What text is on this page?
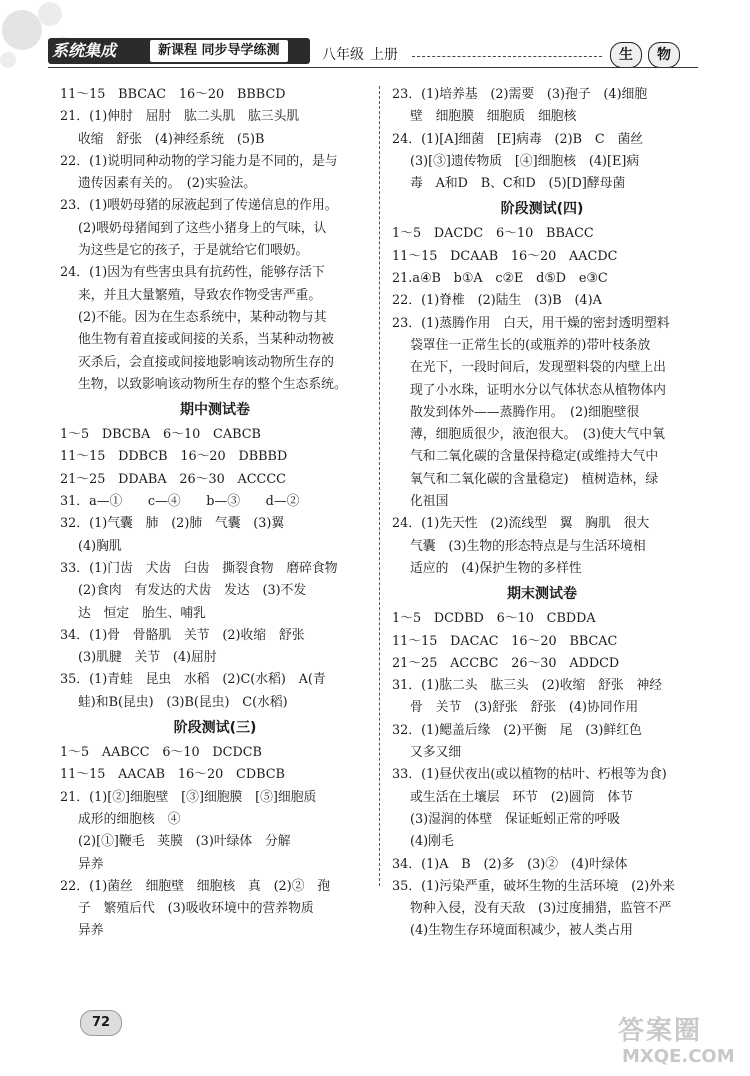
系统集成	新课程 同步导学练测	八年级 上册	生	物
11～15　BBCAC　16～20　BBBCD
21．(1)伸肘　屈肘　肱二头肌　肱三头肌
收缩　舒张　(4)神经系统　(5)B
22．(1)说明同种动物的学习能力是不同的，是与
遗传因素有关的。　(2)实验法。
23．(1)喂奶母猪的尿液起到了传递信息的作用。
(2)喂奶母猪闻到了这些小猪身上的气味，认
为这些是它的孩子，于是就给它们喂奶。
24．(1)因为有些害虫具有抗药性，能够存活下
来，并且大量繁殖，导致农作物受害严重。
(2)不能。因为在生态系统中，某种动物与其
他生物有着直接或间接的关系，当某种动物被
灭杀后，会直接或间接地影响该动物所生存的
生物，以致影响该动物所生存的整个生态系统。
期中测试卷
1～5　DBCBA　6～10　CABCB
11～15　DDBCB　16～20　DBBBD
21～25　DDABA　26～30　ACCCC
31．a—①　　c—④　　b—③　　d—②
32．(1)气囊　肺　(2)肺　气囊　(3)翼
(4)胸肌
33．(1)门齿　犬齿　臼齿　撕裂食物　磨碎食物
(2)食肉　有发达的犬齿　发达　(3)不发
达　恒定　胎生、哺乳
34．(1)骨　骨骼肌　关节　(2)收缩　舒张
(3)肌腱　关节　(4)屈肘
35．(1)青蛙　昆虫　水稻　(2)C(水稻)　A(青
蛙)和B(昆虫)　(3)B(昆虫)　C(水稻)
阶段测试(三)
1～5　AABCC　6～10　DCDCB
11～15　AACAB　16～20　CDBCB
21．(1)[②]细胞壁　[③]细胞膜　[⑤]细胞质
成形的细胞核　④
(2)[①]鞭毛　荚膜　(3)叶绿体　分解
异养
22．(1)菌丝　细胞壁　细胞核　真　(2)②　孢
子　繁殖后代　(3)吸收环境中的营养物质
异养
23．(1)培养基　(2)需要　(3)孢子　(4)细胞
壁　细胞膜　细胞质　细胞核
24．(1)[A]细菌　[E]病毒　(2)B　C　菌丝
(3)[③]遗传物质　[④]细胞核　(4)[E]病
毒　A和D　B、C和D　(5)[D]酵母菌
阶段测试(四)
1～5　DACDC　6～10　BBACC
11～15　DCAAB　16～20　AACDC
21.a④B　b①A　c②E　d⑤D　e③C
22．(1)脊椎　(2)陆生　(3)B　(4)A
23．(1)蒸腾作用　白天，用干燥的密封透明塑料
袋罩住一正常生长的(或瓶养的)带叶枝条放
在光下，一段时间后，发现塑料袋的内壁上出
现了小水珠，证明水分以气体状态从植物体内
散发到体外——蒸腾作用。　(2)细胞壁很
薄，细胞质很少，液泡很大。　(3)使大气中氧
气和二氧化碳的含量保持稳定(或维持大气中
氧气和二氧化碳的含量稳定)　植树造林，绿
化祖国
24．(1)先天性　(2)流线型　翼　胸肌　很大
气囊　(3)生物的形态特点是与生活环境相
适应的　(4)保护生物的多样性
期末测试卷
1～5　DCDBD　6～10　CBDDA
11～15　DACAC　16～20　BBCAC
21～25　ACCBC　26～30　ADDCD
31．(1)肱二头　肱三头　(2)收缩　舒张　神经
骨　关节　(3)舒张　舒张　(4)协同作用
32．(1)鳃盖后缘　(2)平衡　尾　(3)鲜红色
又多又细
33．(1)昼伏夜出(或以植物的枯叶、朽根等为食)
或生活在土壤层　环节　(2)圆筒　体节
(3)湿润的体壁　保证蚯蚓正常的呼吸
(4)刚毛
34．(1)A　B　(2)多　(3)②　(4)叶绿体
35．(1)污染严重，破坏生物的生活环境　(2)外来
物种入侵，没有天敌　(3)过度捕猎，监管不严
(4)生物生存环境面积减少，被人类占用
72	答案圈
MXQE.COM
